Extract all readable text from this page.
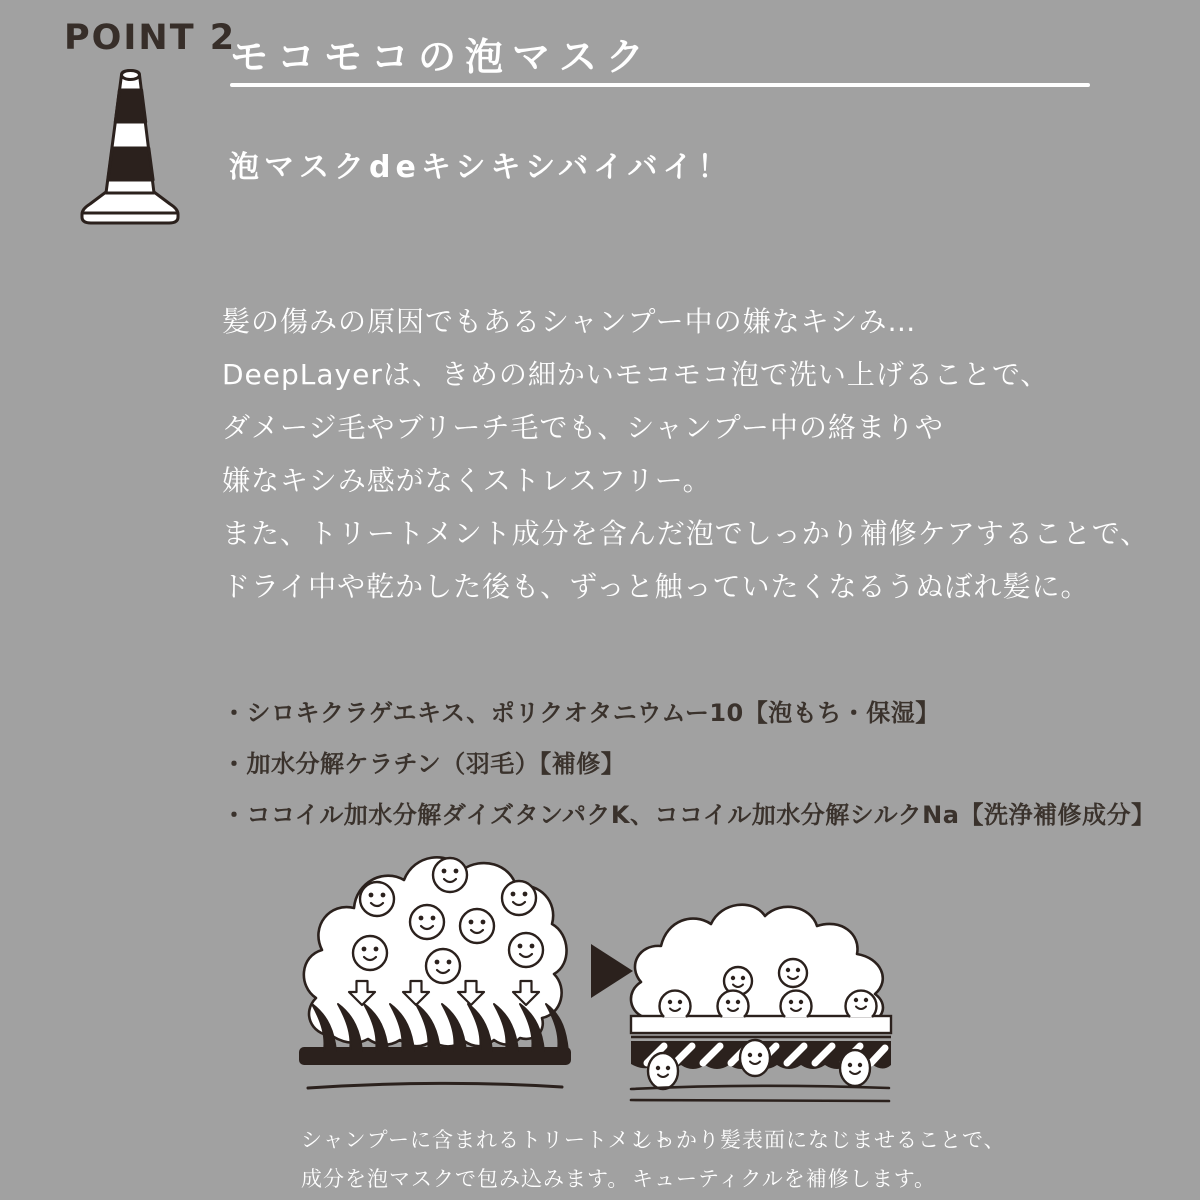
POINT 2
モコモコの泡マスク
泡マスクdeキシキシバイバイ！
髪の傷みの原因でもあるシャンプー中の嫌なキシみ…
DeepLayerは、きめの細かいモコモコ泡で洗い上げることで、
ダメージ毛やブリーチ毛でも、シャンプー中の絡まりや
嫌なキシみ感がなくストレスフリー。
また、トリートメント成分を含んだ泡でしっかり補修ケアすることで、
ドライ中や乾かした後も、ずっと触っていたくなるうぬぼれ髪に。
・シロキクラゲエキス、ポリクオタニウムー10【泡もち・保湿】
・加水分解ケラチン（羽毛）【補修】
・ココイル加水分解ダイズタンパクK、ココイル加水分解シルクNa【洗浄補修成分】
シャンプーに含まれるトリートメント
成分を泡マスクで包み込みます。
しっかり髪表面になじませることで、
キューティクルを補修します。
